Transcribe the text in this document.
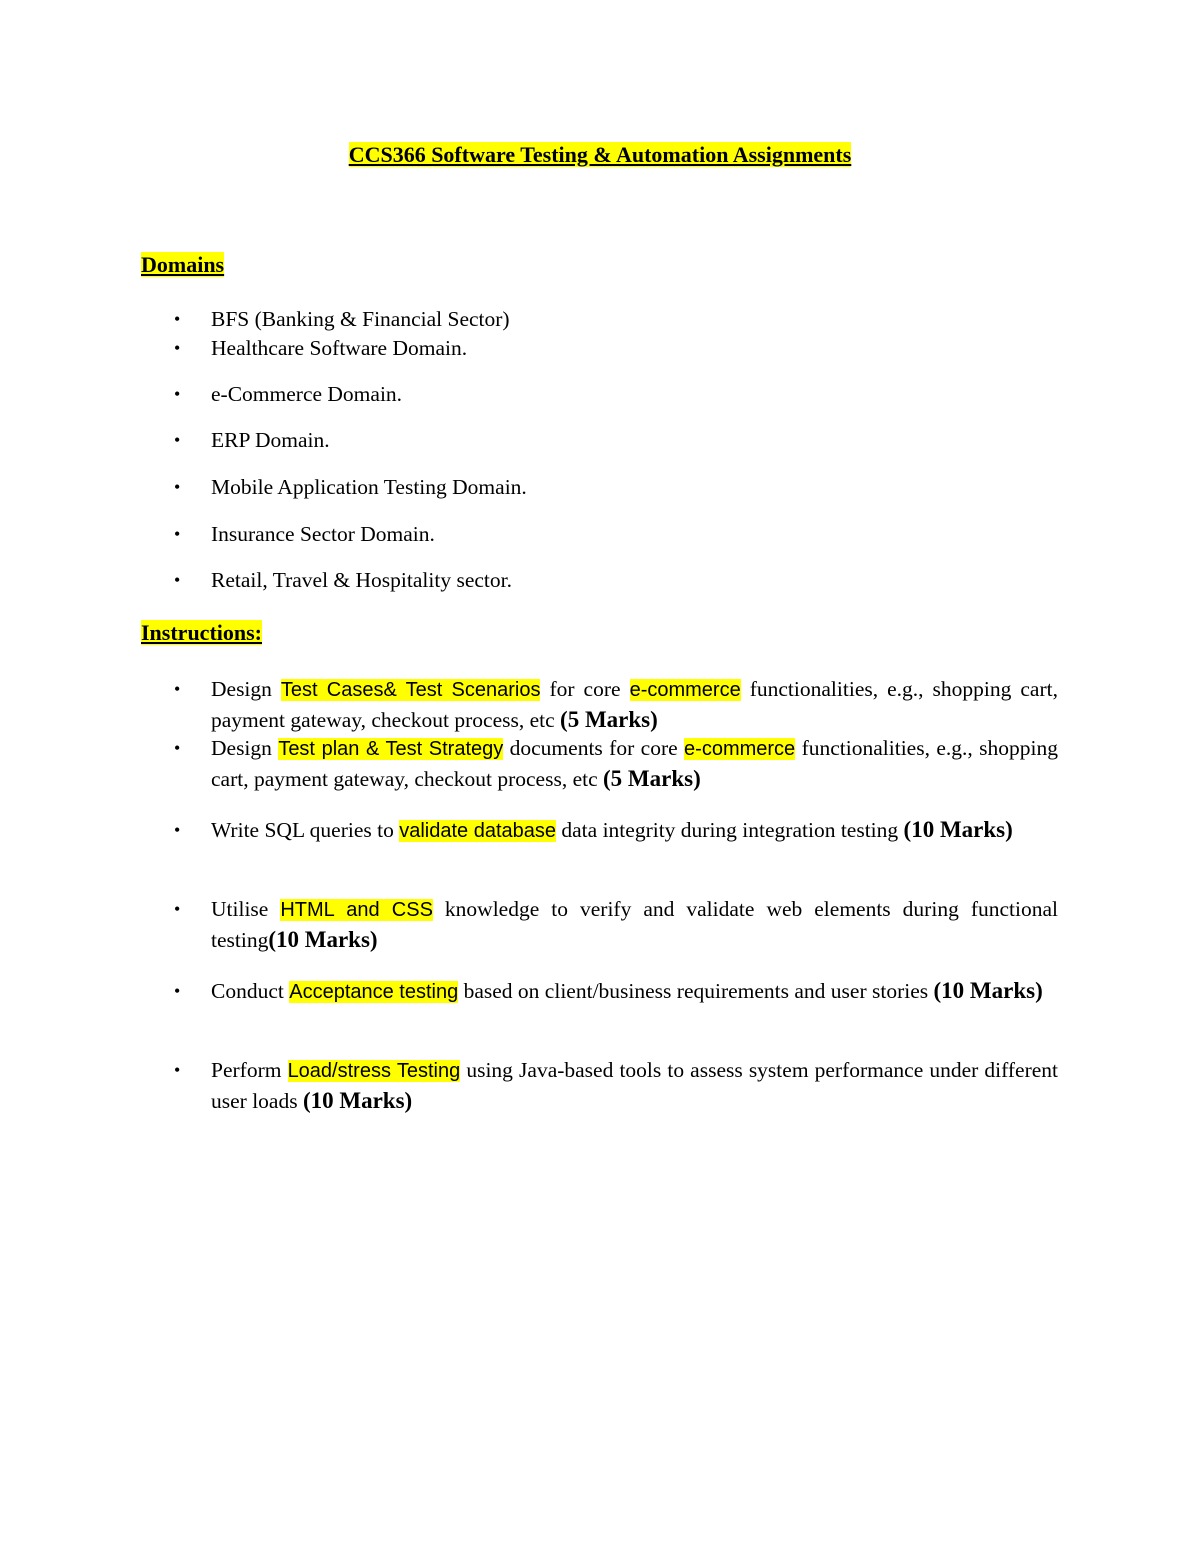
CCS366 Software Testing & Automation Assignments
Domains
• BFS (Banking & Financial Sector)
• Healthcare Software Domain.
• e-Commerce Domain.
• ERP Domain.
• Mobile Application Testing Domain.
• Insurance Sector Domain.
• Retail, Travel & Hospitality sector.
Instructions:
• Design Test Cases& Test Scenarios for core e-commerce functionalities, e.g., shopping cart, payment gateway, checkout process, etc (5 Marks)
• Design Test plan & Test Strategy documents for core e-commerce functionalities, e.g., shopping cart, payment gateway, checkout process, etc (5 Marks)
• Write SQL queries to validate database data integrity during integration testing (10 Marks)
• Utilise HTML and CSS knowledge to verify and validate web elements during functional testing(10 Marks)
• Conduct Acceptance testing based on client/business requirements and user stories (10 Marks)
• Perform Load/stress Testing using Java-based tools to assess system performance under different user loads (10 Marks)
